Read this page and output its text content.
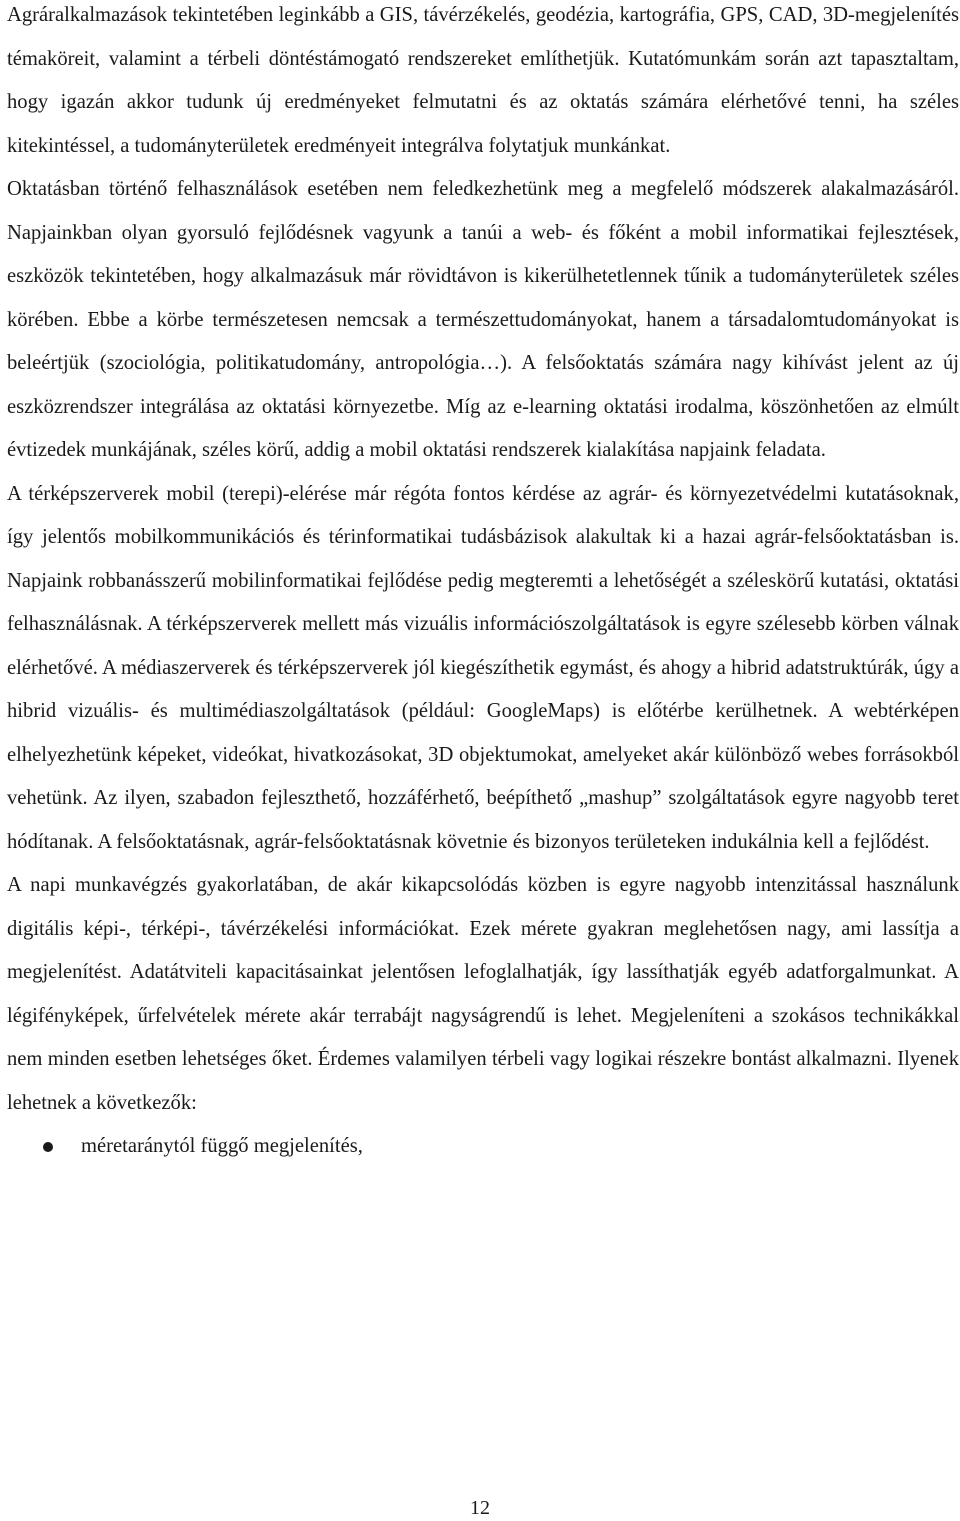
Agráralkalmazások tekintetében leginkább a GIS, távérzékelés, geodézia, kartográfia, GPS, CAD, 3D-megjelenítés témaköreit, valamint a térbeli döntéstámogató rendszereket említhetjük. Kutatómunkám során azt tapasztaltam, hogy igazán akkor tudunk új eredményeket felmutatni és az oktatás számára elérhetővé tenni, ha széles kitekintéssel, a tudományterületek eredményeit integrálva folytatjuk munkánkat.

Oktatásban történő felhasználások esetében nem feledkezhetünk meg a megfelelő módszerek alakalmazásáról. Napjainkban olyan gyorsuló fejlődésnek vagyunk a tanúi a web- és főként a mobil informatikai fejlesztések, eszközök tekintetében, hogy alkalmazásuk már rövidtávon is kikerülhetetlennek tűnik a tudományterületek széles körében. Ebbe a körbe természetesen nemcsak a természettudományokat, hanem a társadalomtudományokat is beleértjük (szociológia, politikatudomány, antropológia…). A felsőoktatás számára nagy kihívást jelent az új eszközrendszer integrálása az oktatási környezetbe. Míg az e-learning oktatási irodalma, köszönhetően az elmúlt évtizedek munkájának, széles körű, addig a mobil oktatási rendszerek kialakítása napjaink feladata.

A térképszerverek mobil (terepi)-elérése már régóta fontos kérdése az agrár- és környezetvédelmi kutatásoknak, így jelentős mobilkommunikációs és térinformatikai tudásbázisok alakultak ki a hazai agrár-felsőoktatásban is. Napjaink robbanásszerű mobilinformatikai fejlődése pedig megteremti a lehetőségét a széleskörű kutatási, oktatási felhasználásnak. A térképszerverek mellett más vizuális információszolgáltatások is egyre szélesebb körben válnak elérhetővé. A médiaszerverek és térképszerverek jól kiegészíthetik egymást, és ahogy a hibrid adatstruktúrák, úgy a hibrid vizuális- és multimédiaszolgáltatások (például: GoogleMaps) is előtérbe kerülhetnek. A webtérképen elhelyezhetünk képeket, videókat, hivatkozásokat, 3D objektumokat, amelyeket akár különböző webes forrásokból vehetünk. Az ilyen, szabadon fejleszthető, hozzáférhető, beépíthető „mashup” szolgáltatások egyre nagyobb teret hódítanak. A felsőoktatásnak, agrár-felsőoktatásnak követnie és bizonyos területeken indukálnia kell a fejlődést.

A napi munkavégzés gyakorlatában, de akár kikapcsolódás közben is egyre nagyobb intenzitással használunk digitális képi-, térképi-, távérzékelési információkat. Ezek mérete gyakran meglehetősen nagy, ami lassítja a megjelenítést. Adatátviteli kapacitásainkat jelentősen lefoglalhatják, így lassíthatják egyéb adatforgalmunkat. A légifényképek, űrfelvételek mérete akár terrabájt nagyságrendű is lehet. Megjeleníteni a szokásos technikákkal nem minden esetben lehetséges őket. Érdemes valamilyen térbeli vagy logikai részekre bontást alkalmazni. Ilyenek lehetnek a következők:

méretaránytól függő megjelenítés,
12
